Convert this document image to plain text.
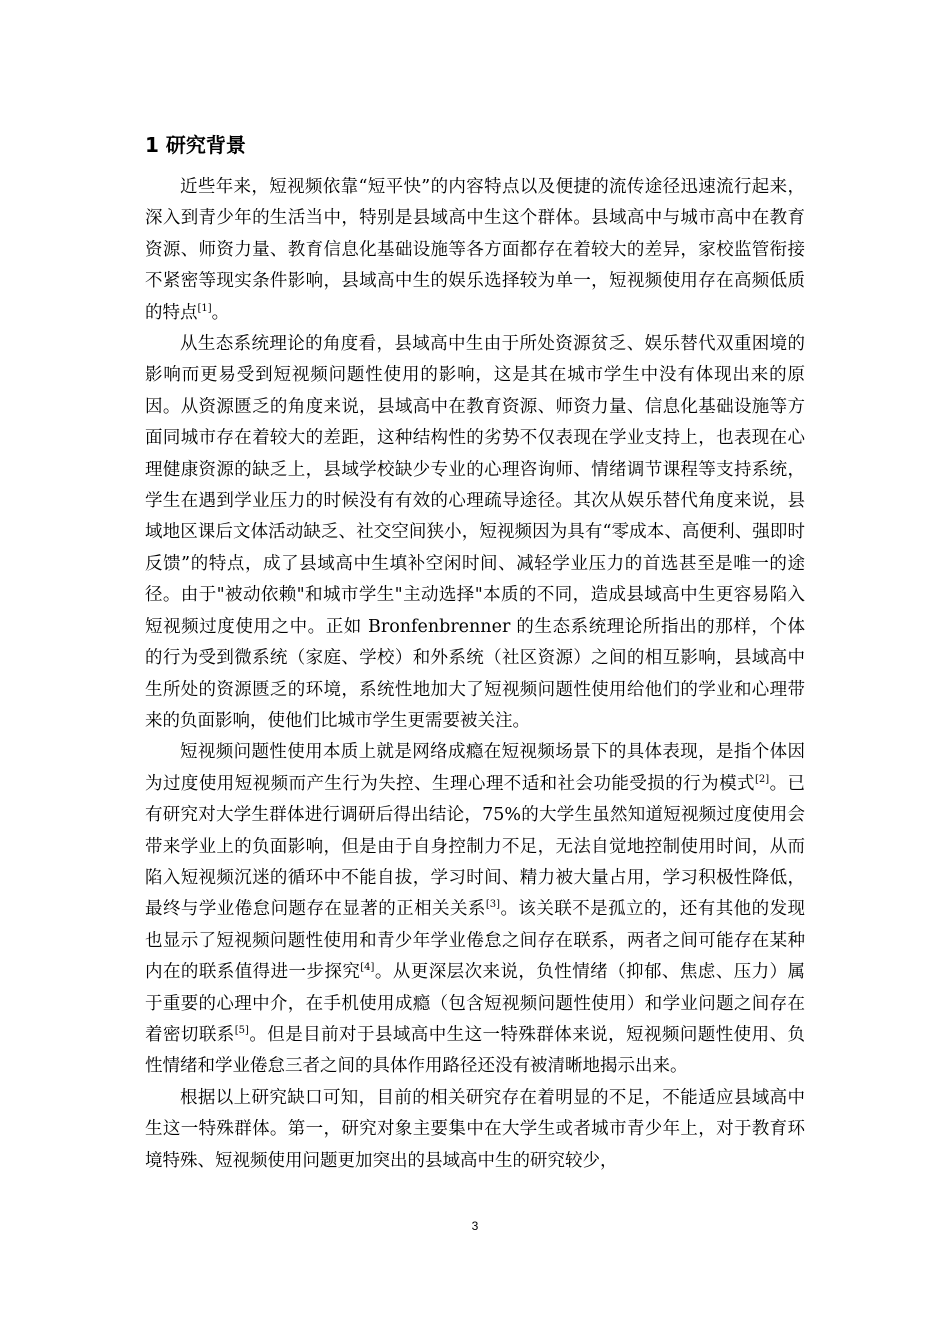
1 研究背景

近些年来，短视频依靠“短平快”的内容特点以及便捷的流传途径迅速流行起来，深入到青少年的生活当中，特别是县域高中生这个群体。县域高中与城市高中在教育资源、师资力量、教育信息化基础设施等各方面都存在着较大的差异，家校监管衔接不紧密等现实条件影响，县域高中生的娱乐选择较为单一，短视频使用存在高频低质的特点[1]。

从生态系统理论的角度看，县域高中生由于所处资源贫乏、娱乐替代双重困境的影响而更易受到短视频问题性使用的影响，这是其在城市学生中没有体现出来的原因。从资源匮乏的角度来说，县域高中在教育资源、师资力量、信息化基础设施等方面同城市存在着较大的差距，这种结构性的劣势不仅表现在学业支持上，也表现在心理健康资源的缺乏上，县域学校缺少专业的心理咨询师、情绪调节课程等支持系统，学生在遇到学业压力的时候没有有效的心理疏导途径。其次从娱乐替代角度来说，县域地区课后文体活动缺乏、社交空间狭小，短视频因为具有“零成本、高便利、强即时反馈”的特点，成了县域高中生填补空闲时间、减轻学业压力的首选甚至是唯一的途径。由于"被动依赖"和城市学生"主动选择"本质的不同，造成县域高中生更容易陷入短视频过度使用之中。正如 Bronfenbrenner 的生态系统理论所指出的那样，个体的行为受到微系统（家庭、学校）和外系统（社区资源）之间的相互影响，县域高中生所处的资源匮乏的环境，系统性地加大了短视频问题性使用给他们的学业和心理带来的负面影响，使他们比城市学生更需要被关注。

短视频问题性使用本质上就是网络成瘾在短视频场景下的具体表现，是指个体因为过度使用短视频而产生行为失控、生理心理不适和社会功能受损的行为模式[2]。已有研究对大学生群体进行调研后得出结论，75%的大学生虽然知道短视频过度使用会带来学业上的负面影响，但是由于自身控制力不足，无法自觉地控制使用时间，从而陷入短视频沉迷的循环中不能自拔，学习时间、精力被大量占用，学习积极性降低，最终与学业倦怠问题存在显著的正相关关系[3]。该关联不是孤立的，还有其他的发现也显示了短视频问题性使用和青少年学业倦怠之间存在联系，两者之间可能存在某种内在的联系值得进一步探究[4]。从更深层次来说，负性情绪（抑郁、焦虑、压力）属于重要的心理中介，在手机使用成瘾（包含短视频问题性使用）和学业问题之间存在着密切联系[5]。但是目前对于县域高中生这一特殊群体来说，短视频问题性使用、负性情绪和学业倦怠三者之间的具体作用路径还没有被清晰地揭示出来。

根据以上研究缺口可知，目前的相关研究存在着明显的不足，不能适应县域高中生这一特殊群体。第一，研究对象主要集中在大学生或者城市青少年上，对于教育环境特殊、短视频使用问题更加突出的县域高中生的研究较少，

3
